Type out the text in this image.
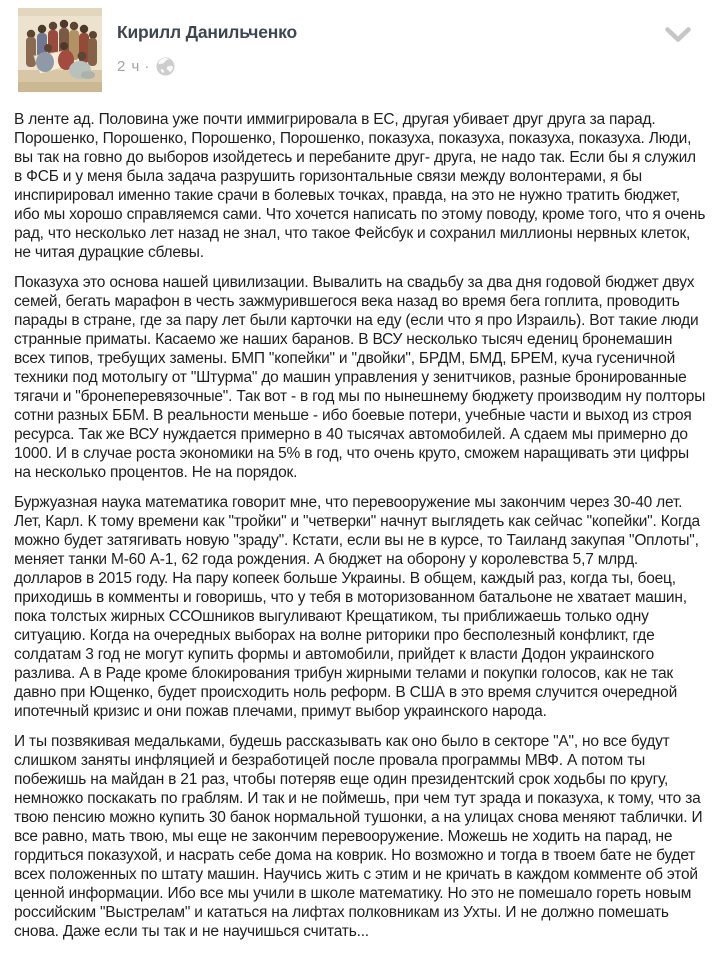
Кирилл Данильченко
2 ч ·

В ленте ад. Половина уже почти иммигрировала в ЕС, другая убивает друг друга за парад. Порошенко, Порошенко, Порошенко, Порошенко, показуха, показуха, показуха, показуха. Люди, вы так на говно до выборов изойдетесь и перебаните друг- друга, не надо так. Если бы я служил в ФСБ и у меня была задача разрушить горизонтальные связи между волонтерами, я бы инспирировал именно такие срачи в болевых точках, правда, на это не нужно тратить бюджет, ибо мы хорошо справляемся сами. Что хочется написать по этому поводу, кроме того, что я очень рад, что несколько лет назад не знал, что такое Фейсбук и сохранил миллионы нервных клеток, не читая дурацкие сблевы.

Показуха это основа нашей цивилизации. Вывалить на свадьбу за два дня годовой бюджет двух семей, бегать марафон в честь зажмурившегося века назад во время бега гоплита, проводить парады в стране, где за пару лет были карточки на еду (если что я про Израиль). Вот такие люди странные приматы. Касаемо же наших баранов. В ВСУ несколько тысяч едениц бронемашин всех типов, требущих замены. БМП "копейки" и "двойки", БРДМ, БМД, БРЕМ, куча гусеничной техники под мотолыгу от "Штурма" до машин управления у зенитчиков, разные бронированные тягачи и "бронеперевязочные". Так вот - в год мы по нынешнему бюджету производим ну полторы сотни разных ББМ. В реальности меньше - ибо боевые потери, учебные части и выход из строя ресурса. Так же ВСУ нуждается примерно в 40 тысячах автомобилей. А сдаем мы примерно до 1000. И в случае роста экономики на 5% в год, что очень круто, сможем наращивать эти цифры на несколько процентов. Не на порядок.

Буржуазная наука математика говорит мне, что перевооружение мы закончим через 30-40 лет. Лет, Карл. К тому времени как "тройки" и "четверки" начнут выглядеть как сейчас "копейки". Когда можно будет затягивать новую "зраду". Кстати, если вы не в курсе, то Таиланд закупая "Оплоты", меняет танки М-60 А-1, 62 года рождения. А бюджет на оборону у королевства 5,7 млрд. долларов в 2015 году. На пару копеек больше Украины. В общем, каждый раз, когда ты, боец, приходишь в комменты и говоришь, что у тебя в моторизованном батальоне не хватает машин, пока толстых жирных ССОшников выгуливают Крещатиком, ты приближаешь только одну ситуацию. Когда на очередных выборах на волне риторики про бесполезный конфликт, где солдатам 3 год не могут купить формы и автомобили, прийдет к власти Додон украинского разлива. А в Раде кроме блокирования трибун жирными телами и покупки голосов, как не так давно при Ющенко, будет происходить ноль реформ. В США в это время случится очередной ипотечный кризис и они пожав плечами, примут выбор украинского народа.

И ты позвякивая медальками, будешь рассказывать как оно было в секторе "А", но все будут слишком заняты инфляцией и безработицей после провала программы МВФ. А потом ты побежишь на майдан в 21 раз, чтобы потеряв еще один президентский срок ходьбы по кругу, немножко поскакать по граблям. И так и не поймешь, при чем тут зрада и показуха, к тому, что за твою пенсию можно купить 30 банок нормальной тушонки, а на улицах снова меняют таблички. И все равно, мать твою, мы еще не закончим перевооружение. Можешь не ходить на парад, не гордиться показухой, и насрать себе дома на коврик. Но возможно и тогда в твоем бате не будет всех положенных по штату машин. Научись жить с этим и не кричать в каждом комменте об этой ценной информации. Ибо все мы учили в школе математику. Но это не помешало гореть новым российским "Выстрелам" и кататься на лифтах полковникам из Ухты. И не должно помешать снова. Даже если ты так и не научишься считать...
